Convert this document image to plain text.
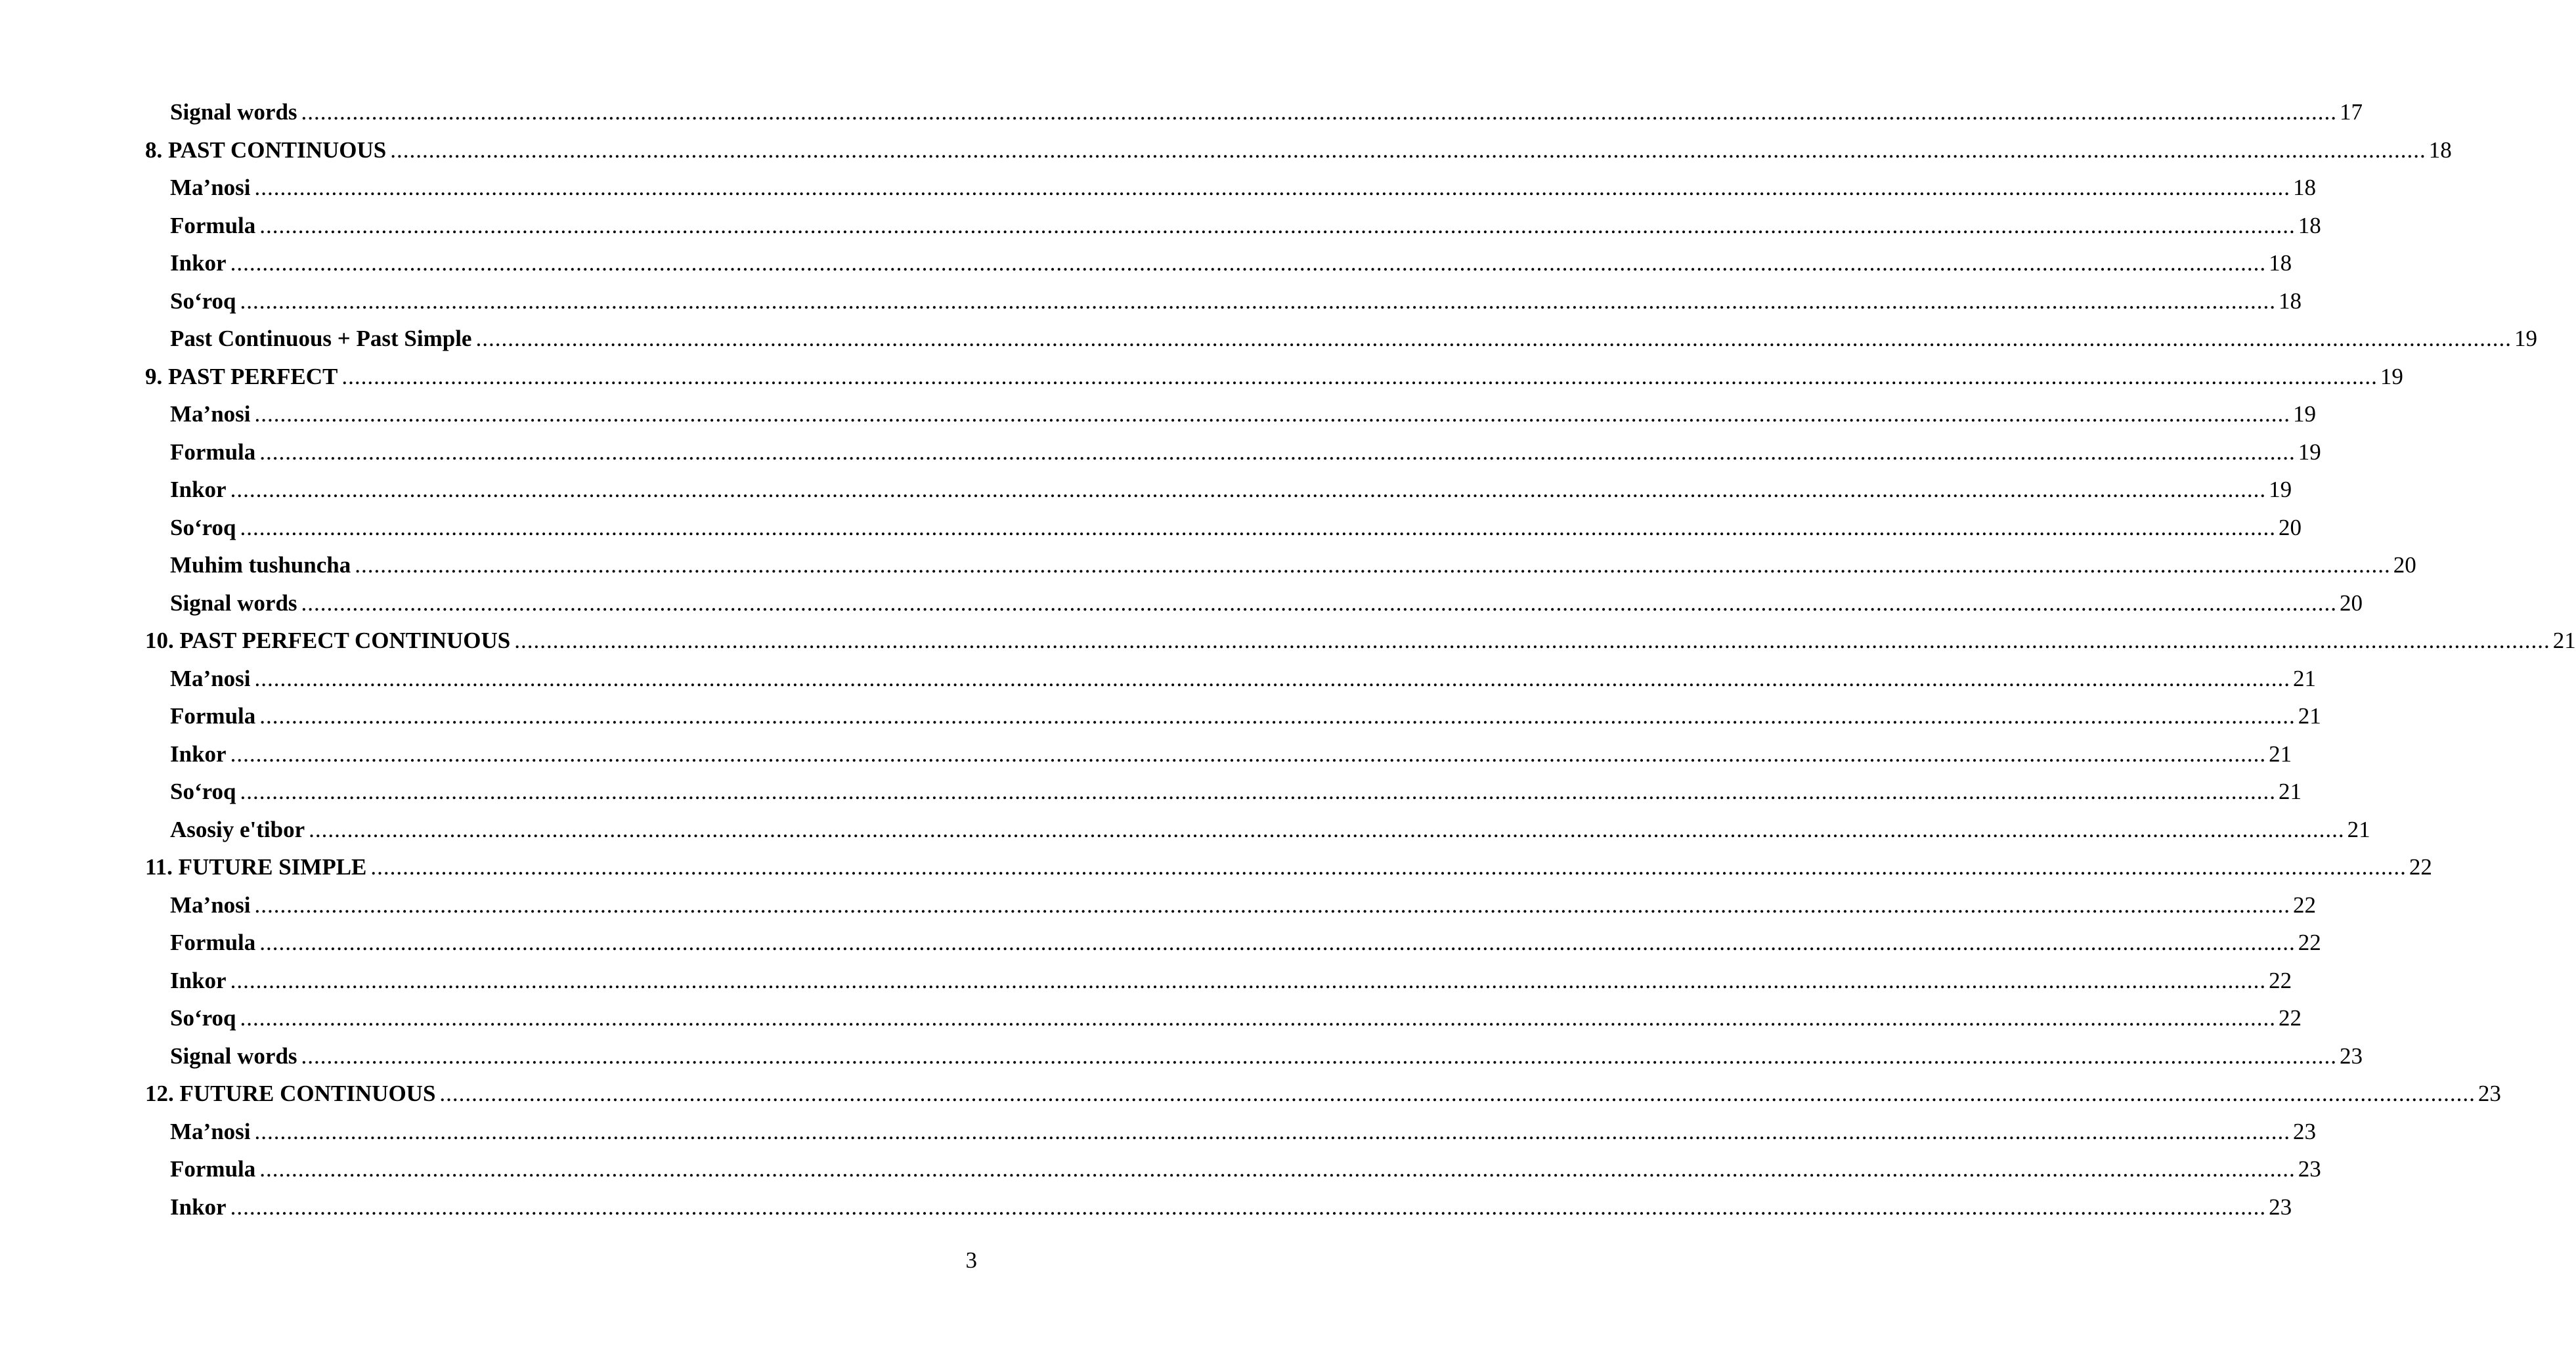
Signal words .....	17
8. PAST CONTINUOUS .....	18
Ma’nosi .....	18
Formula .....	18
Inkor .....	18
So‘roq .....	18
Past Continuous + Past Simple .....	19
9. PAST PERFECT .....	19
Ma’nosi .....	19
Formula .....	19
Inkor .....	19
So‘roq .....	20
Muhim tushuncha .....	20
Signal words .....	20
10. PAST PERFECT CONTINUOUS .....	21
Ma’nosi .....	21
Formula .....	21
Inkor .....	21
So‘roq .....	21
Asosiy e'tibor .....	21
11. FUTURE SIMPLE .....	22
Ma’nosi .....	22
Formula .....	22
Inkor .....	22
So‘roq .....	22
Signal words .....	23
12. FUTURE CONTINUOUS .....	23
Ma’nosi .....	23
Formula .....	23
Inkor .....	23
3
